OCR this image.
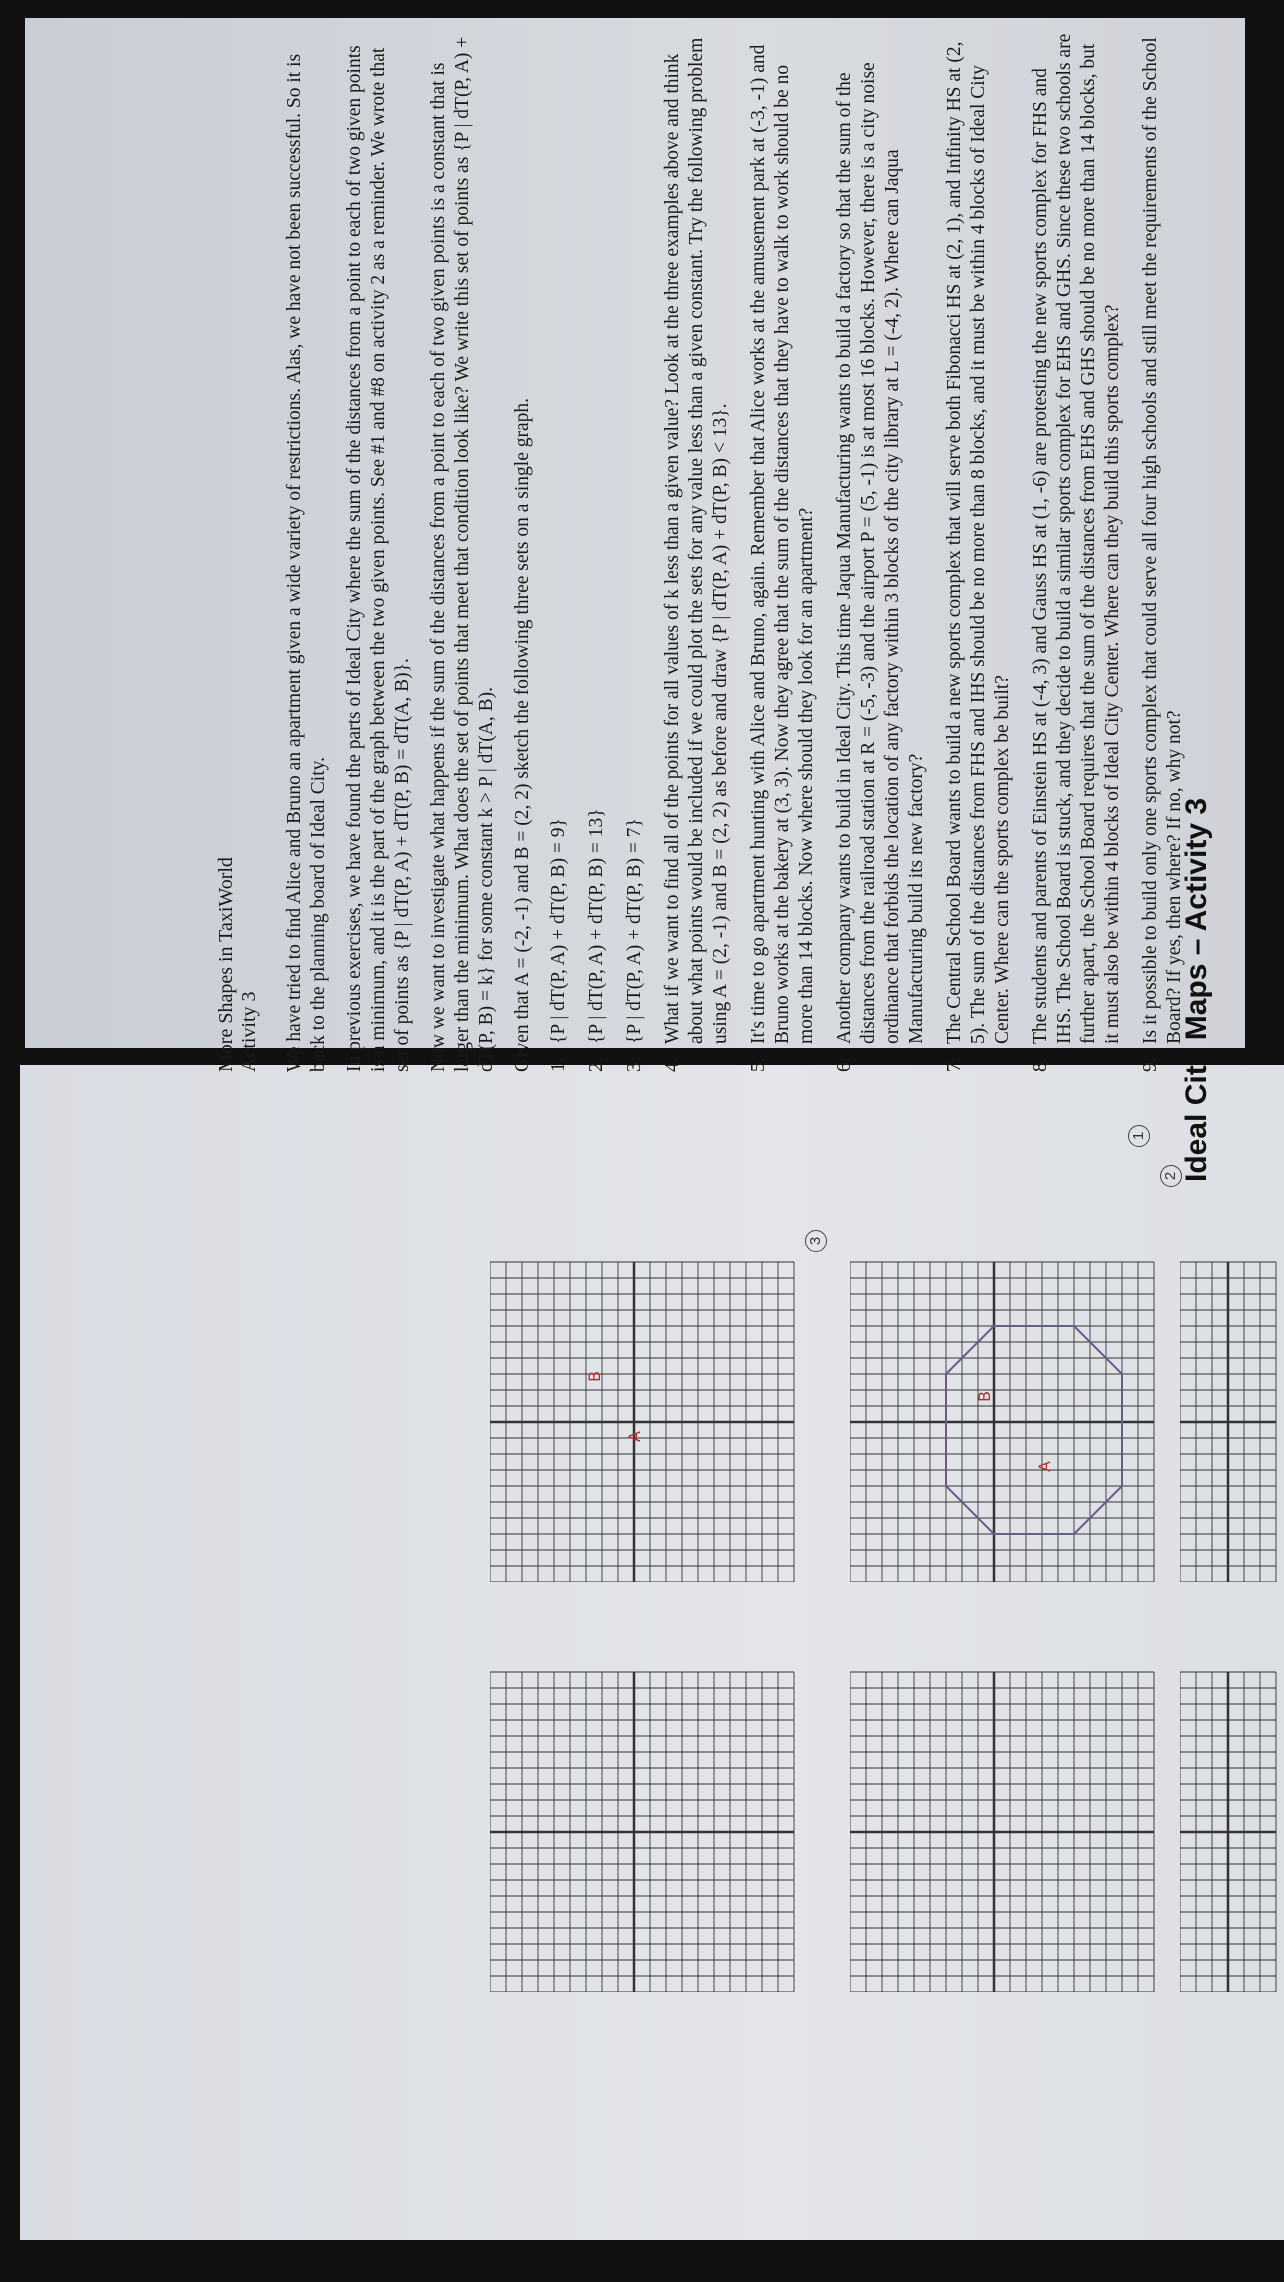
More Shapes in TaxiWorld Activity 3 We have tried to find Alice and Bruno an apartment given a wide variety of restrictions. Alas, we have not been successful. So it is back to the planning board of Ideal City. In previous exercises, we have found the parts of Ideal City where the sum of the distances from a point to each of two given points is a minimum, and it is the part of the graph between the two given points. See #1 and #8 on activity 2 as a reminder. We wrote that set of points as {P | dT(P, A) + dT(P, B) = dT(A, B)}. Now we want to investigate what happens if the sum of the distances from a point to each of two given points is a constant that is larger than the minimum. What does the set of points that meet that condition look like? We write this set of points as {P | dT(P, A) + dT(P, B) = k} for some constant k > P | dT(A, B). Given that A = (-2, -1) and B = (2, 2) sketch the following three sets on a single graph. 1.
{P | dT(P, A) + dT(P, B) = 9}
2.
{P | dT(P, A) + dT(P, B) = 13}
3.
{P | dT(P, A) + dT(P, B) = 7}
4.
What if we want to find all of the points for all values of k less than a given value? Look at the three examples above and think about what points would be included if we could plot the sets for any value less than a given constant. Try the following problem using A = (2, -1) and B = (2, 2) as before and draw {P | dT(P, A) + dT(P, B) < 13}.
5.
It's time to go apartment hunting with Alice and Bruno, again. Remember that Alice works at the amusement park at (-3, -1) and Bruno works at the bakery at (3, 3). Now they agree that the sum of the distances that they have to walk to work should be no more than 14 blocks. Now where should they look for an apartment?
6.
Another company wants to build in Ideal City. This time Jaqua Manufacturing wants to build a factory so that the sum of the distances from the railroad station at R = (-5, -3) and the airport P = (5, -1) is at most 16 blocks. However, there is a city noise ordinance that forbids the location of any factory within 3 blocks of the city library at L = (-4, 2). Where can Jaqua Manufacturing build its new factory?
7.
The Central School Board wants to build a new sports complex that will serve both Fibonacci HS at (2, 1), and Infinity HS at (2, 5). The sum of the distances from FHS and IHS should be no more than 8 blocks, and it must be within 4 blocks of Ideal City Center. Where can the sports complex be built?
8.
The students and parents of Einstein HS at (-4, 3) and Gauss HS at (1, -6) are protesting the new sports complex for FHS and IHS. The School Board is stuck, and they decide to build a similar sports complex for EHS and GHS. Since these two schools are further apart, the School Board requires that the sum of the distances from EHS and GHS should be no more than 14 blocks, but it must also be within 4 blocks of Ideal City Center. Where can they build this sports complex?
9.
Is it possible to build only one sports complex that could serve all four high schools and still meet the requirements of the School Board? If yes, then where? If no, why not?
Ideal City Maps – Activity 3
1
2
3
A
B
A
B
